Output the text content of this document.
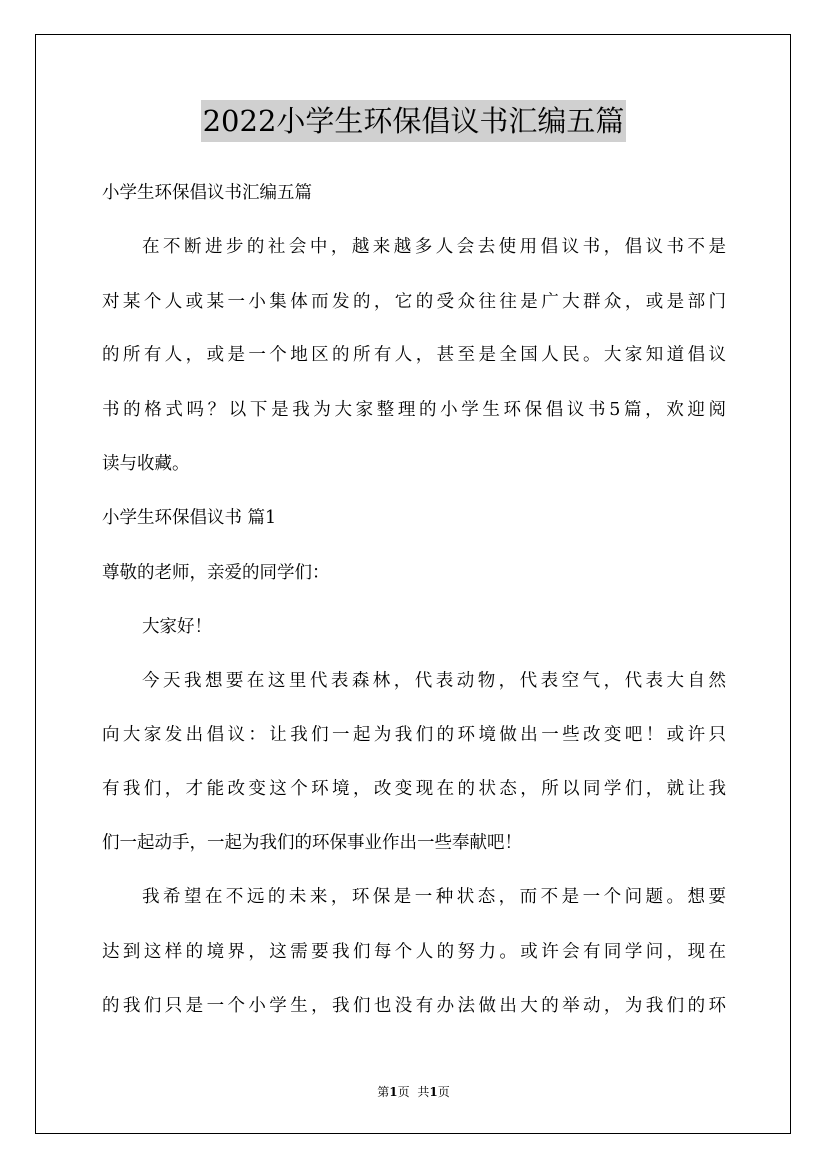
2022小学生环保倡议书汇编五篇

小学生环保倡议书汇编五篇

在不断进步的社会中，越来越多人会去使用倡议书，倡议书不是

对某个人或某一小集体而发的，它的受众往往是广大群众，或是部门

的所有人，或是一个地区的所有人，甚至是全国人民。大家知道倡议

书的格式吗？以下是我为大家整理的小学生环保倡议书5篇，欢迎阅

读与收藏。

小学生环保倡议书 篇1

尊敬的老师，亲爱的同学们：

大家好！

今天我想要在这里代表森林，代表动物，代表空气，代表大自然

向大家发出倡议：让我们一起为我们的环境做出一些改变吧！或许只

有我们，才能改变这个环境，改变现在的状态，所以同学们，就让我

们一起动手，一起为我们的环保事业作出一些奉献吧！

我希望在不远的未来，环保是一种状态，而不是一个问题。想要

达到这样的境界，这需要我们每个人的努力。或许会有同学问，现在

的我们只是一个小学生，我们也没有办法做出大的举动，为我们的环

第1页 共1页
